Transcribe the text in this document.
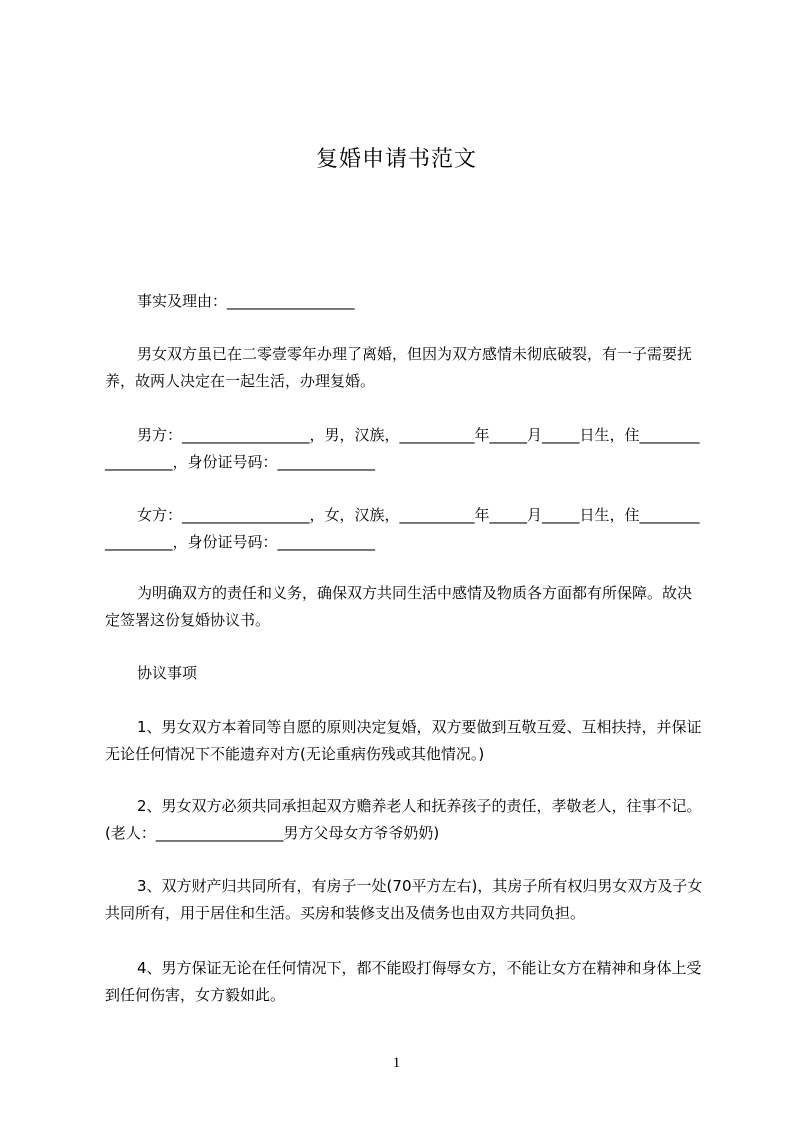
复婚申请书范文

事实及理由：_________________

男女双方虽已在二零壹零年办理了离婚，但因为双方感情未彻底破裂，有一子需要抚养，故两人决定在一起生活，办理复婚。

男方：_________________，男，汉族，__________年_____月_____日生，住_________________，身份证号码：_____________

女方：_________________，女，汉族，__________年_____月_____日生，住_________________，身份证号码：_____________

为明确双方的责任和义务，确保双方共同生活中感情及物质各方面都有所保障。故决定签署这份复婚协议书。

协议事项

1、男女双方本着同等自愿的原则决定复婚，双方要做到互敬互爱、互相扶持，并保证无论任何情况下不能遗弃对方(无论重病伤残或其他情况。)

2、男女双方必须共同承担起双方赡养老人和抚养孩子的责任，孝敬老人，往事不记。(老人：_________________男方父母女方爷爷奶奶)

3、双方财产归共同所有，有房子一处(70平方左右)，其房子所有权归男女双方及子女共同所有，用于居住和生活。买房和装修支出及债务也由双方共同负担。

4、男方保证无论在任何情况下，都不能殴打侮辱女方，不能让女方在精神和身体上受到任何伤害，女方毅如此。

1
